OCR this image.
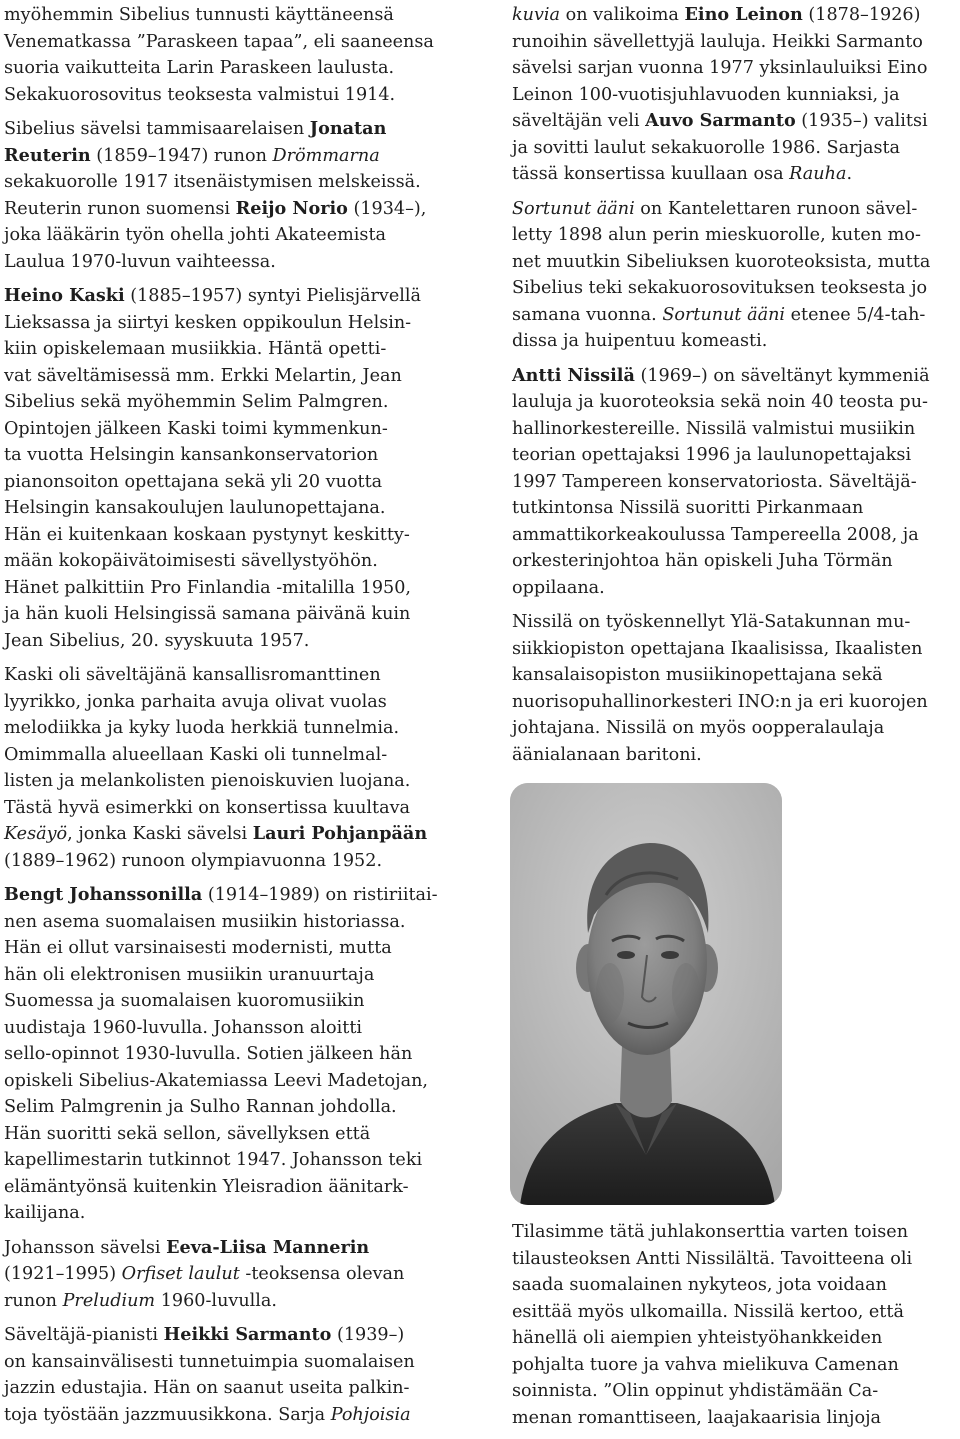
myöhemmin Sibelius tunnusti käyttäneensä
Venematkassa ”Paraskeen tapaa”, eli saaneensa
suoria vaikutteita Larin Paraskeen laulusta.
Sekakuorosovitus teoksesta valmistui 1914.
Sibelius sävelsi tammisaarelaisen Jonatan
Reuterin (1859–1947) runon Drömmarna
sekakuorolle 1917 itsenäistymisen melskeissä.
Reuterin runon suomensi Reijo Norio (1934–),
joka lääkärin työn ohella johti Akateemista
Laulua 1970-luvun vaihteessa.
Heino Kaski (1885–1957) syntyi Pielisjärvellä
Lieksassa ja siirtyi kesken oppikoulun Helsin-
kiin opiskelemaan musiikkia. Häntä opetti-
vat säveltämisessä mm. Erkki Melartin, Jean
Sibelius sekä myöhemmin Selim Palmgren.
Opintojen jälkeen Kaski toimi kymmenkun-
ta vuotta Helsingin kansankonservatorion
pianonsoiton opettajana sekä yli 20 vuotta
Helsingin kansakoulujen laulunopettajana.
Hän ei kuitenkaan koskaan pystynyt keskitty-
mään kokopäivätoimisesti sävellystyöhön.
Hänet palkittiin Pro Finlandia -mitalilla 1950,
ja hän kuoli Helsingissä samana päivänä kuin
Jean Sibelius, 20. syyskuuta 1957.
Kaski oli säveltäjänä kansallisromanttinen
lyyrikko, jonka parhaita avuja olivat vuolas
melodiikka ja kyky luoda herkkiä tunnelmia.
Omimmalla alueellaan Kaski oli tunnelmal-
listen ja melankolisten pienoiskuvien luojana.
Tästä hyvä esimerkki on konsertissa kuultava
Kesäyö, jonka Kaski sävelsi Lauri Pohjanpään
(1889–1962) runoon olympiavuonna 1952.
Bengt Johanssonilla (1914–1989) on ristiriitai-
nen asema suomalaisen musiikin historiassa.
Hän ei ollut varsinaisesti modernisti, mutta
hän oli elektronisen musiikin uranuurtaja
Suomessa ja suomalaisen kuoromusiikin
uudistaja 1960-luvulla. Johansson aloitti
sello-opinnot 1930-luvulla. Sotien jälkeen hän
opiskeli Sibelius-Akatemiassa Leevi Madetojan,
Selim Palmgrenin ja Sulho Rannan johdolla.
Hän suoritti sekä sellon, sävellyksen että
kapellimestarin tutkinnot 1947. Johansson teki
elämäntyönsä kuitenkin Yleisradion äänitark-
kailijana.
Johansson sävelsi Eeva-Liisa Mannerin
(1921–1995) Orfiset laulut -teoksensa olevan
runon Preludium 1960-luvulla.
Säveltäjä-pianisti Heikki Sarmanto (1939–)
on kansainvälisesti tunnetuimpia suomalaisen
jazzin edustajia. Hän on saanut useita palkin-
toja työstään jazzmuusikkona. Sarja Pohjoisia
kuvia on valikoima Eino Leinon (1878–1926)
runoihin sävellettyjä lauluja. Heikki Sarmanto
sävelsi sarjan vuonna 1977 yksinlauluiksi Eino
Leinon 100-vuotisjuhlavuoden kunniaksi, ja
säveltäjän veli Auvo Sarmanto (1935–) valitsi
ja sovitti laulut sekakuorolle 1986. Sarjasta
tässä konsertissa kuullaan osa Rauha.
Sortunut ääni on Kantelettaren runoon sävel-
letty 1898 alun perin mieskuorolle, kuten mo-
net muutkin Sibeliuksen kuoroteoksista, mutta
Sibelius teki sekakuorosovituksen teoksesta jo
samana vuonna. Sortunut ääni etenee 5/4-tah-
dissa ja huipentuu komeasti.
Antti Nissilä (1969–) on säveltänyt kymmeniä
lauluja ja kuoroteoksia sekä noin 40 teosta pu-
hallinorkestereille. Nissilä valmistui musiikin
teorian opettajaksi 1996 ja laulunopettajaksi
1997 Tampereen konservatoriosta. Säveltäjä-
tutkintonsa Nissilä suoritti Pirkanmaan
ammattikorkeakoulussa Tampereella 2008, ja
orkesterinjohtoa hän opiskeli Juha Törmän
oppilaana.
Nissilä on työskennellyt Ylä-Satakunnan mu-
siikkiopiston opettajana Ikaalisissa, Ikaalisten
kansalaisopiston musiikinopettajana sekä
nuorisopuhallinorkesteri INO:n ja eri kuorojen
johtajana. Nissilä on myös oopperalaulaja
äänialanaan baritoni.
Tilasimme tätä juhlakonserttia varten toisen
tilausteoksen Antti Nissilältä. Tavoitteena oli
saada suomalainen nykyteos, jota voidaan
esittää myös ulkomailla. Nissilä kertoo, että
hänellä oli aiempien yhteistyöhankkeiden
pohjalta tuore ja vahva mielikuva Camenan
soinnista. ”Olin oppinut yhdistämään Ca-
menan romanttiseen, laajakaarisia linjoja
